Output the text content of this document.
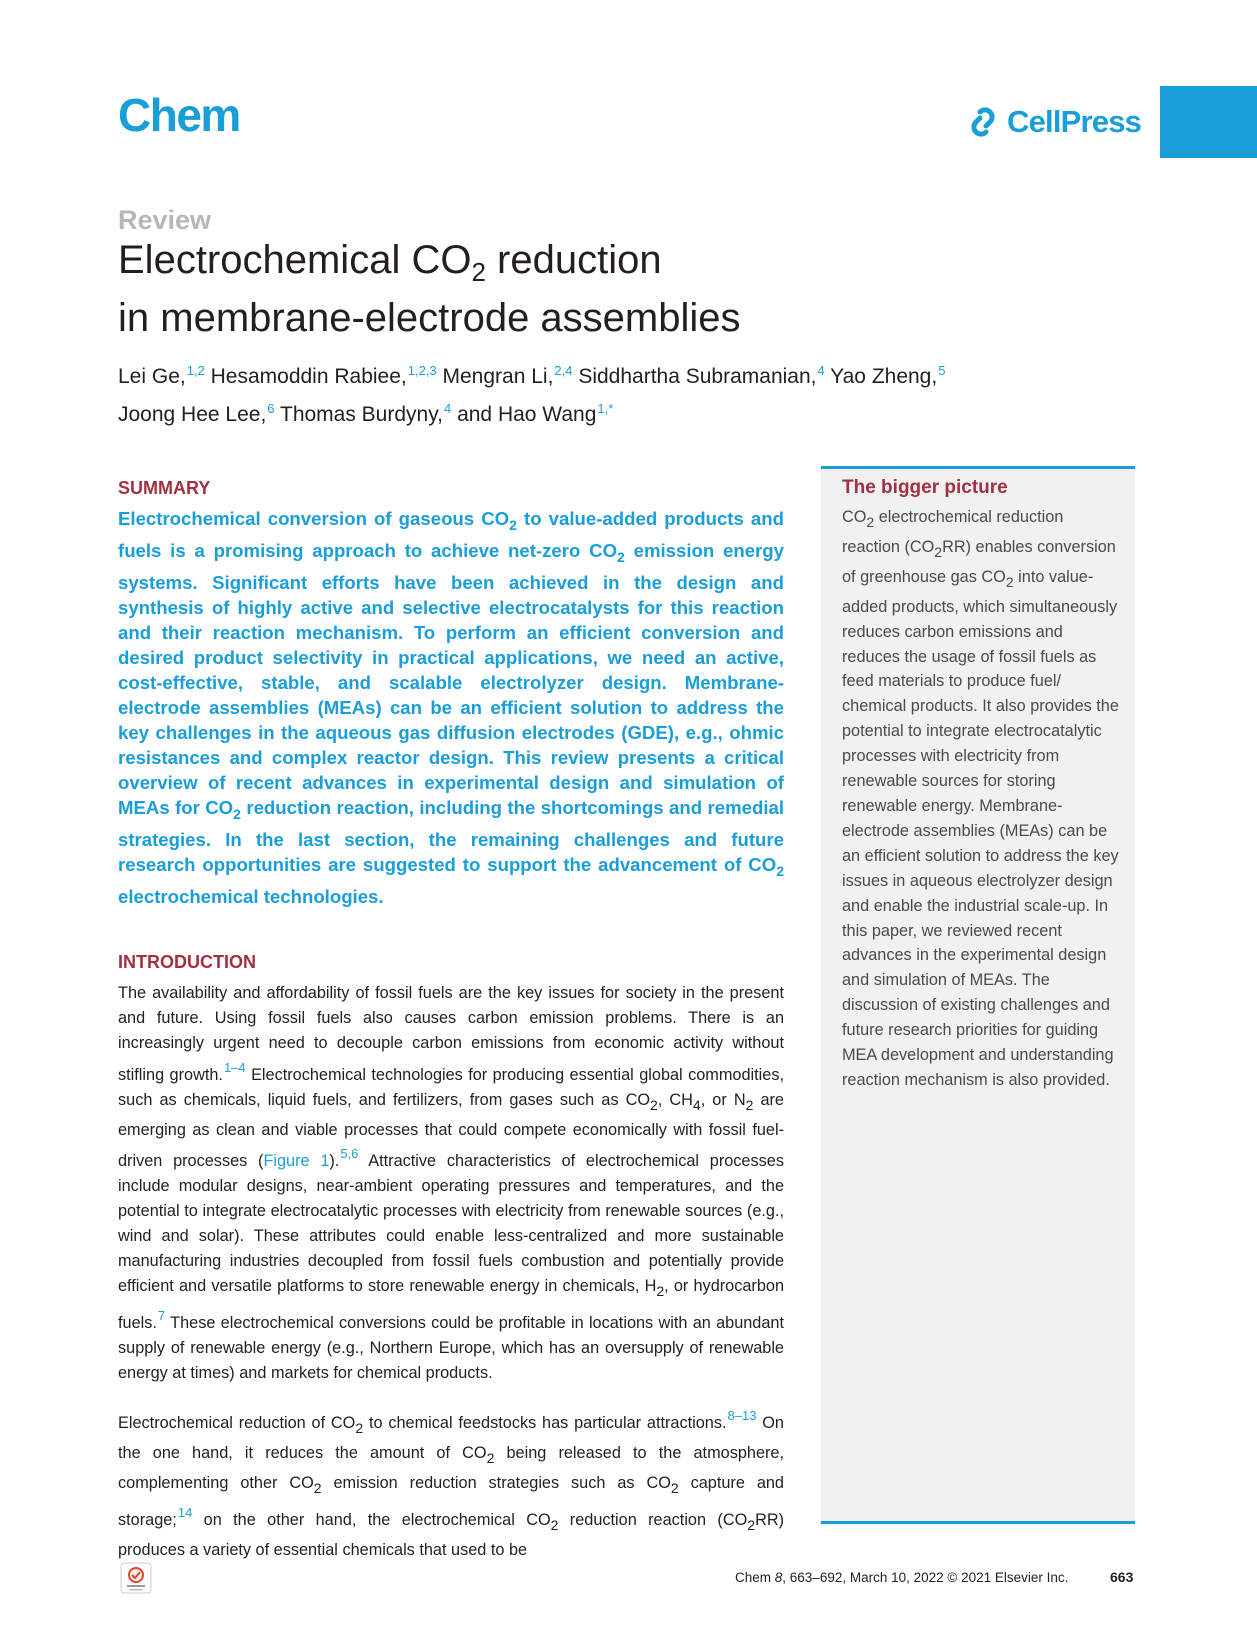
Chem	CellPress
Review
Electrochemical $CO_2$ reduction
in membrane-electrode assemblies
Lei Ge,$^{1,2}$ Hesamoddin Rabiee,$^{1,2,3}$ Mengran Li,$^{2,4}$ Siddhartha Subramanian,$^4$ Yao Zheng,$^5$
Joong Hee Lee,$^6$ Thomas Burdyny,$^4$ and Hao Wang$^{1,*}$
SUMMARY
Electrochemical conversion of gaseous $CO_2$ to value-added products and fuels is a promising approach to achieve net-zero $CO_2$ emission energy systems. Significant efforts have been achieved in the design and synthesis of highly active and selective electrocatalysts for this reaction and their reaction mechanism. To perform an efficient conversion and desired product selectivity in practical applications, we need an active, cost-effective, stable, and scalable electrolyzer design. Membrane-electrode assemblies (MEAs) can be an efficient solution to address the key challenges in the aqueous gas diffusion electrodes (GDE), e.g., ohmic resistances and complex reactor design. This review presents a critical overview of recent advances in experimental design and simulation of MEAs for $CO_2$ reduction reaction, including the shortcomings and remedial strategies. In the last section, the remaining challenges and future research opportunities are suggested to support the advancement of $CO_2$ electrochemical technologies.
INTRODUCTION
The availability and affordability of fossil fuels are the key issues for society in the present and future. Using fossil fuels also causes carbon emission problems. There is an increasingly urgent need to decouple carbon emissions from economic activity without stifling growth.$^{1-4}$ Electrochemical technologies for producing essential global commodities, such as chemicals, liquid fuels, and fertilizers, from gases such as CO2, CH4, or N2 are emerging as clean and viable processes that could compete economically with fossil fuel-driven processes (Figure 1).$^{5,6}$ Attractive characteristics of electrochemical processes include modular designs, near-ambient operating pressures and temperatures, and the potential to integrate electrocatalytic processes with electricity from renewable sources (e.g., wind and solar). These attributes could enable less-centralized and more sustainable manufacturing industries decoupled from fossil fuels combustion and potentially provide efficient and versatile platforms to store renewable energy in chemicals, H2, or hydrocarbon fuels.$^7$ These electrochemical conversions could be profitable in locations with an abundant supply of renewable energy (e.g., Northern Europe, which has an oversupply of renewable energy at times) and markets for chemical products.
Electrochemical reduction of CO2 to chemical feedstocks has particular attractions.$^{8-13}$ On the one hand, it reduces the amount of CO2 being released to the atmosphere, complementing other CO2 emission reduction strategies such as CO2 capture and storage;$^{14}$ on the other hand, the electrochemical CO2 reduction reaction (CO2RR) produces a variety of essential chemicals that used to be
The bigger picture
CO2 electrochemical reduction reaction (CO2RR) enables conversion of greenhouse gas CO2 into value-added products, which simultaneously reduces carbon emissions and reduces the usage of fossil fuels as feed materials to produce fuel/ chemical products. It also provides the potential to integrate electrocatalytic processes with electricity from renewable sources for storing renewable energy. Membrane-electrode assemblies (MEAs) can be an efficient solution to address the key issues in aqueous electrolyzer design and enable the industrial scale-up. In this paper, we reviewed recent advances in the experimental design and simulation of MEAs. The discussion of existing challenges and future research priorities for guiding MEA development and understanding reaction mechanism is also provided.
Chem 8, 663–692, March 10, 2022 © 2021 Elsevier Inc.	663
